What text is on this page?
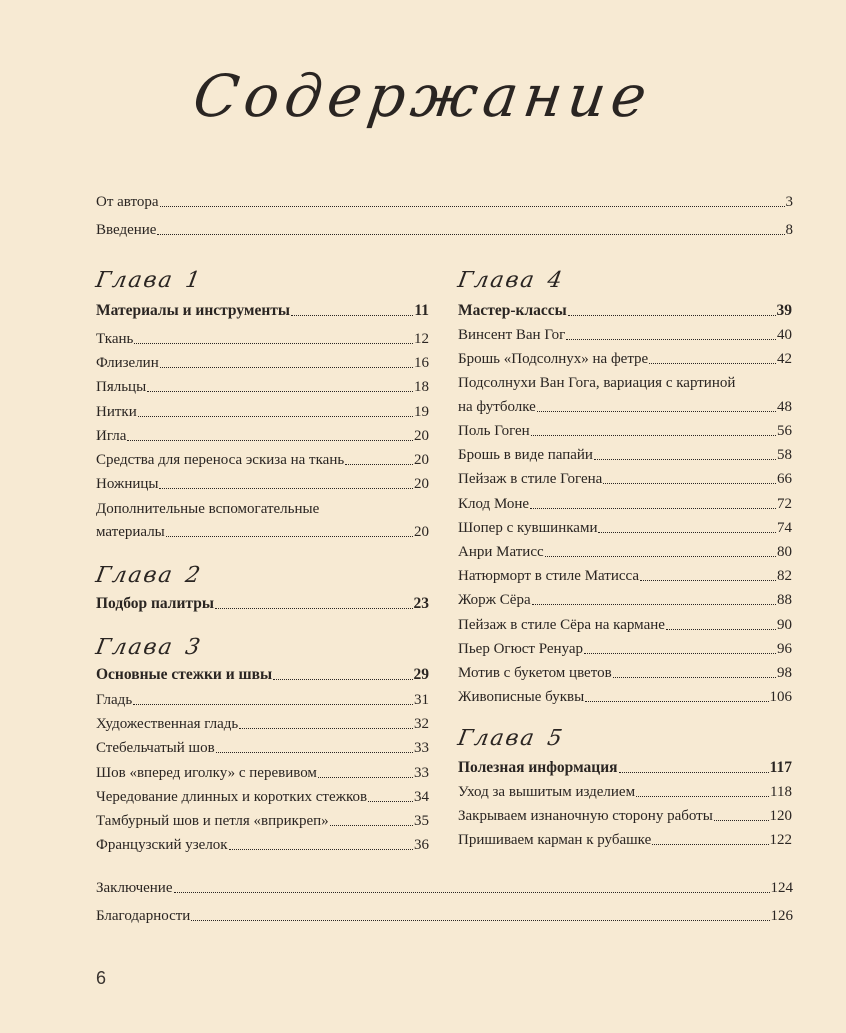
Содержание
От автора	3
Введение	8
Глава 1
Материалы и инструменты	11
Ткань	12
Флизелин	16
Пяльцы	18
Нитки	19
Игла	20
Средства для переноса эскиза на ткань	20
Ножницы	20
Дополнительные вспомогательные
материалы	20
Глава 2
Подбор палитры	23
Глава 3
Основные стежки и швы	29
Гладь	31
Художественная гладь	32
Стебельчатый шов	33
Шов «вперед иголку» с перевивом	33
Чередование длинных и коротких стежков	34
Тамбурный шов и петля «вприкреп»	35
Французский узелок	36
Глава 4
Мастер-классы	39
Винсент Ван Гог	40
Брошь «Подсолнух» на фетре	42
Подсолнухи Ван Гога, вариация с картиной
на футболке	48
Поль Гоген	56
Брошь в виде папайи	58
Пейзаж в стиле Гогена	66
Клод Моне	72
Шопер с кувшинками	74
Анри Матисс	80
Натюрморт в стиле Матисса	82
Жорж Сёра	88
Пейзаж в стиле Сёра на кармане	90
Пьер Огюст Ренуар	96
Мотив с букетом цветов	98
Живописные буквы	106
Глава 5
Полезная информация	117
Уход за вышитым изделием	118
Закрываем изнаночную сторону работы	120
Пришиваем карман к рубашке	122
Заключение	124
Благодарности	126
6
